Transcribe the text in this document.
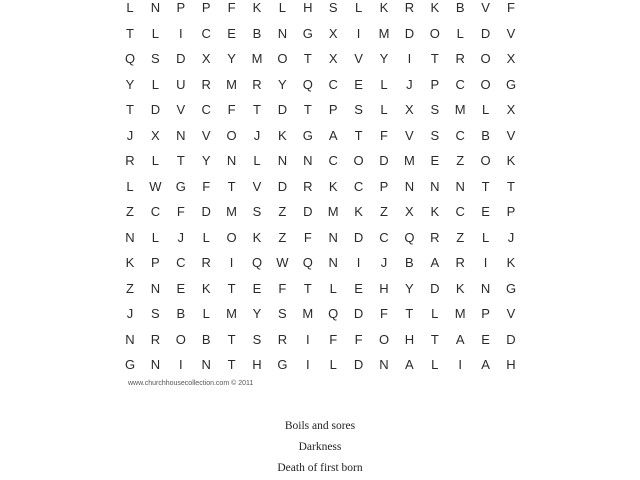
L	N	P	P	F	K	L	H	S	L	K	R	K	B	V	F
T	L	I	C	E	B	N	G	X	I	M	D	O	L	D	V
Q	S	D	X	Y	M	O	T	X	V	Y	I	T	R	O	X
Y	L	U	R	M	R	Y	Q	C	E	L	J	P	C	O	G
T	D	V	C	F	T	D	T	P	S	L	X	S	M	L	X
J	X	N	V	O	J	K	G	A	T	F	V	S	C	B	V
R	L	T	Y	N	L	N	N	C	O	D	M	E	Z	O	K
L	W	G	F	T	V	D	R	K	C	P	N	N	N	T	T
Z	C	F	D	M	S	Z	D	M	K	Z	X	K	C	E	P
N	L	J	L	O	K	Z	F	N	D	C	Q	R	Z	L	J
K	P	C	R	I	Q	W	Q	N	I	J	B	A	R	I	K
Z	N	E	K	T	E	F	T	L	E	H	Y	D	K	N	G
J	S	B	L	M	Y	S	M	Q	D	F	T	L	M	P	V
N	R	O	B	T	S	R	I	F	F	O	H	T	A	E	D
G	N	I	N	T	H	G	I	L	D	N	A	L	I	A	H
www.churchhousecollection.com © 2011
Boils and sores
Darkness
Death of first born
